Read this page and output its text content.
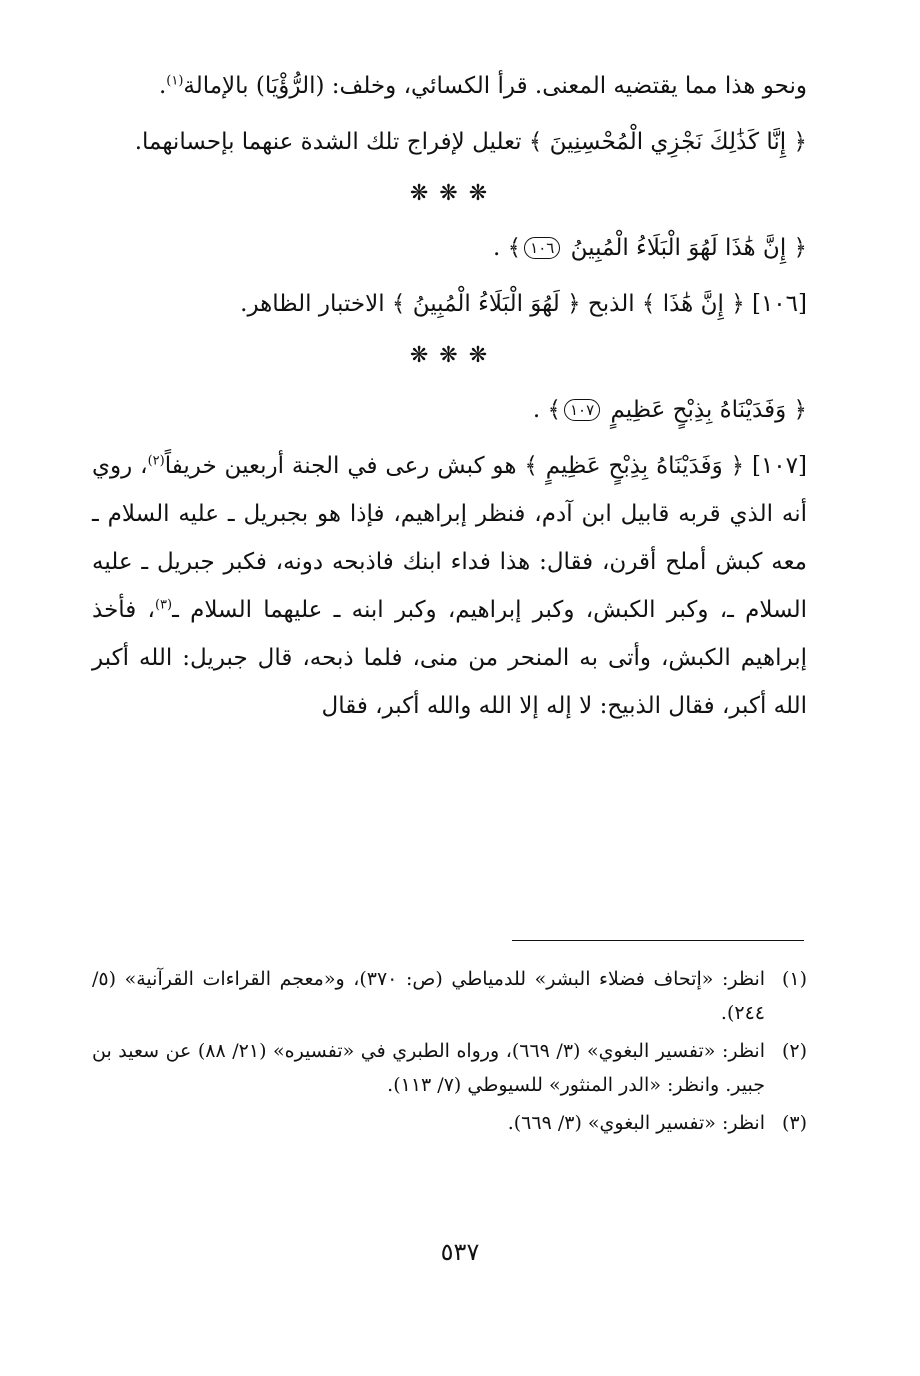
ونحو هذا مما يقتضيه المعنى. قرأ الكسائي، وخلف: (الرُّؤْيَا) بالإمالة$^{(١)}$.

﴿ إِنَّا كَذَٰلِكَ نَجْزِي الْمُحْسِنِينَ ﴾ تعليل لإفراج تلك الشدة عنهما بإحسانهما.

❋ ❋ ❋

﴿ إِنَّ هَٰذَا لَهُوَ الْبَلَاءُ الْمُبِينُ ١٠٦﴾ .

[١٠٦] ﴿ إِنَّ هَٰذَا ﴾ الذبح ﴿ لَهُوَ الْبَلَاءُ الْمُبِينُ ﴾ الاختبار الظاهر.

❋ ❋ ❋

﴿ وَفَدَيْنَاهُ بِذِبْحٍ عَظِيمٍ ١٠٧﴾ .

[١٠٧] ﴿ وَفَدَيْنَاهُ بِذِبْحٍ عَظِيمٍ ﴾ هو كبش رعى في الجنة أربعين خريفاً$^{(٢)}$، روي أنه الذي قربه قابيل ابن آدم، فنظر إبراهيم، فإذا هو بجبريل ـ عليه السلام ـ معه كبش أملح أقرن، فقال: هذا فداء ابنك فاذبحه دونه، فكبر جبريل ـ عليه السلام ـ، وكبر الكبش، وكبر إبراهيم، وكبر ابنه ـ عليهما السلام ـ$^{(٣)}$، فأخذ إبراهيم الكبش، وأتى به المنحر من منى، فلما ذبحه، قال جبريل: الله أكبر الله أكبر، فقال الذبيح: لا إله إلا الله والله أكبر، فقال

(١)
انظر: «إتحاف فضلاء البشر» للدمياطي (ص: ٣٧٠)، و«معجم القراءات القرآنية» (٥/ ٢٤٤).
(٢)
انظر: «تفسير البغوي» (٣/ ٦٦٩)، ورواه الطبري في «تفسيره» (٢١/ ٨٨) عن سعيد بن جبير. وانظر: «الدر المنثور» للسيوطي (٧/ ١١٣).
(٣)
انظر: «تفسير البغوي» (٣/ ٦٦٩).
٥٣٧
